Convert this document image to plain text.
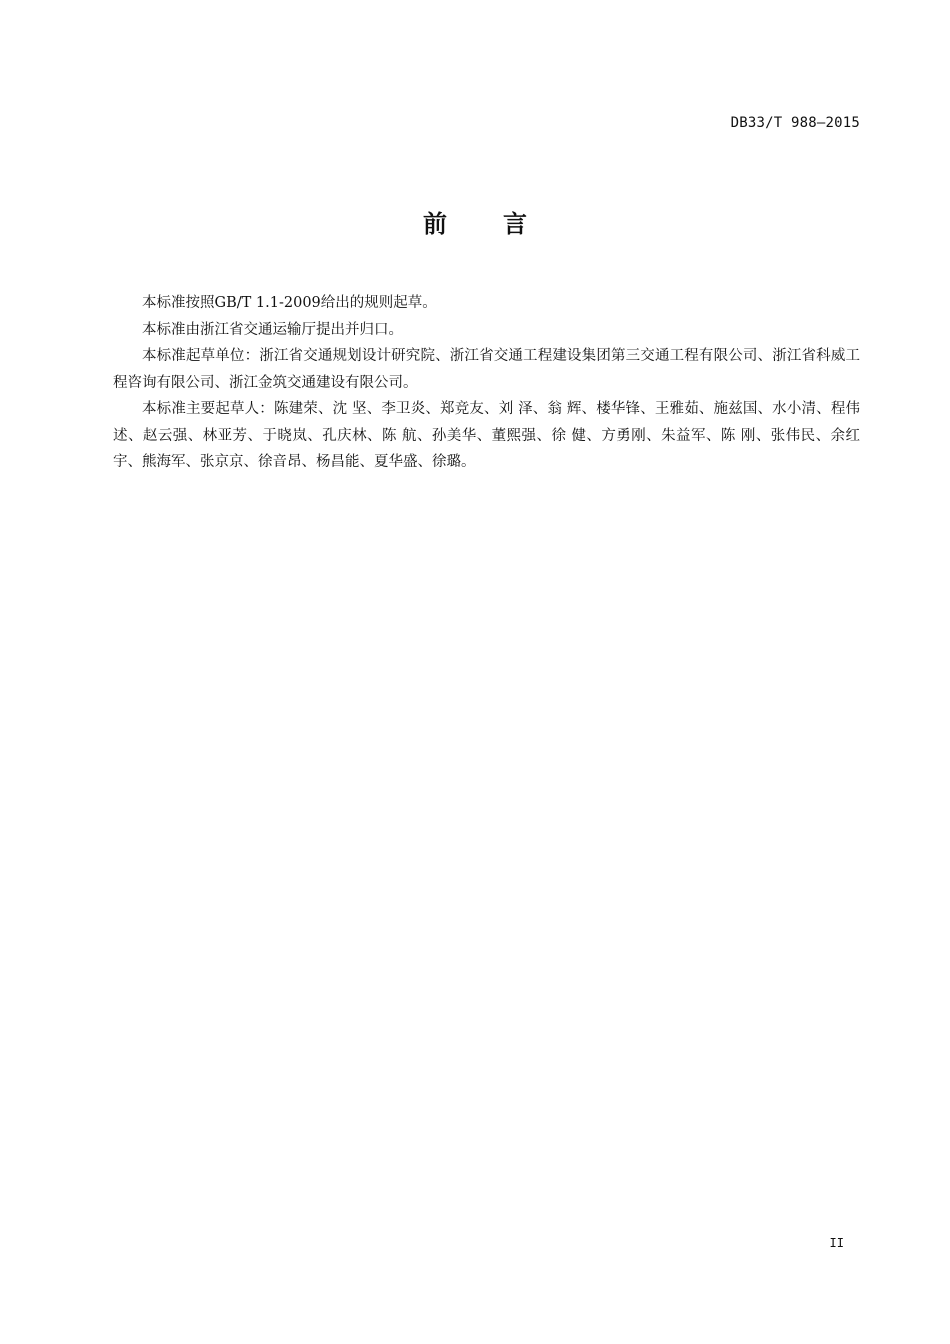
DB33/T 988—2015
前 言

本标准按照GB/T 1.1-2009给出的规则起草。

本标准由浙江省交通运输厅提出并归口。

本标准起草单位：浙江省交通规划设计研究院、浙江省交通工程建设集团第三交通工程有限公司、浙江省科威工程咨询有限公司、浙江金筑交通建设有限公司。

本标准主要起草人：陈建荣、沈 坚、李卫炎、郑竞友、刘 泽、翁 辉、楼华锋、王雅茹、施兹国、水小清、程伟述、赵云强、林亚芳、于晓岚、孔庆林、陈 航、孙美华、董熙强、徐 健、方勇刚、朱益军、陈 刚、张伟民、余红宇、熊海军、张京京、徐音昂、杨昌能、夏华盛、徐璐。

II
